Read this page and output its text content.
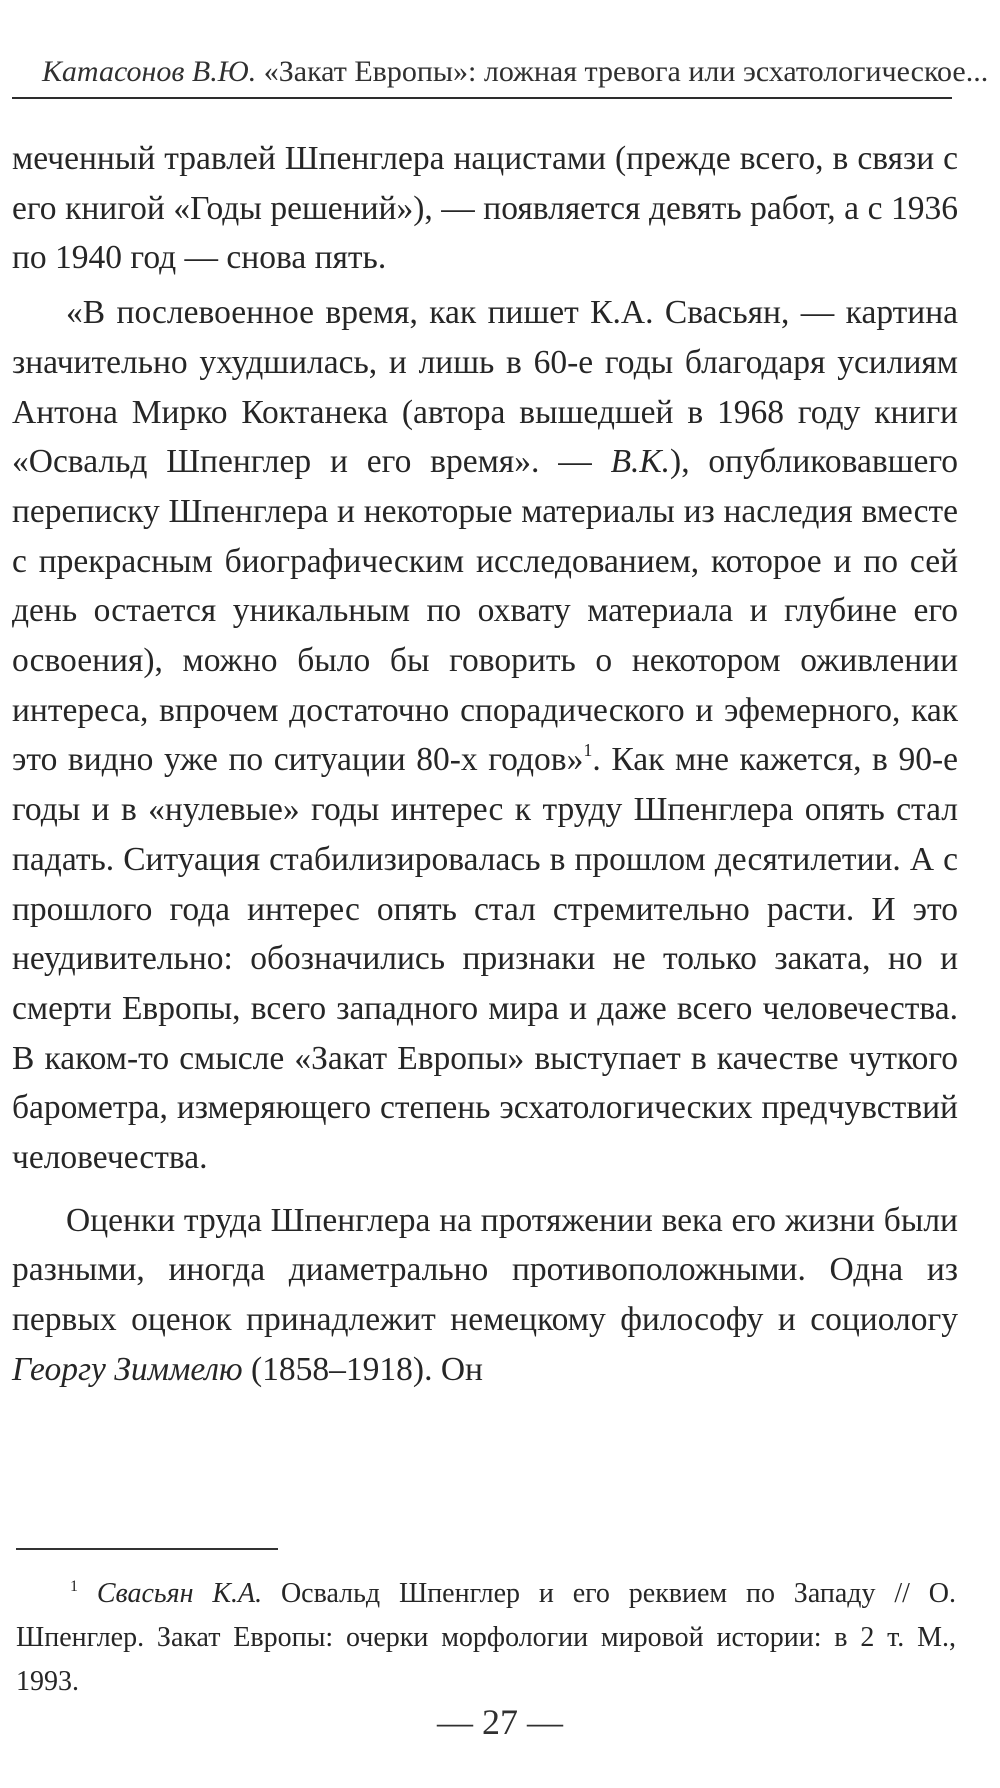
Катасонов В.Ю. «Закат Европы»: ложная тревога или эсхатологическое...

меченный травлей Шпенглера нацистами (прежде всего, в связи с его книгой «Годы решений»), — появляется девять работ, а с 1936 по 1940 год — снова пять.

«В послевоенное время, как пишет К.А. Свасьян, — картина значительно ухудшилась, и лишь в 60-е годы благодаря усилиям Антона Мирко Коктанека (автора вышедшей в 1968 году книги «Освальд Шпенглер и его время». — В.К.), опубликовавшего переписку Шпенглера и некоторые материалы из наследия вместе с прекрасным биографическим исследованием, которое и по сей день остается уникальным по охвату материала и глубине его освоения), можно было бы говорить о некотором оживлении интереса, впрочем достаточно спорадического и эфемерного, как это видно уже по ситуации 80-х годов»$^1$. Как мне кажется, в 90-е годы и в «нулевые» годы интерес к труду Шпенглера опять стал падать. Ситуация стабилизировалась в прошлом десятилетии. А с прошлого года интерес опять стал стремительно расти. И это неудивительно: обозначились признаки не только заката, но и смерти Европы, всего западного мира и даже всего человечества. В каком-то смысле «Закат Европы» выступает в качестве чуткого барометра, измеряющего степень эсхатологических предчувствий человечества.

Оценки труда Шпенглера на протяжении века его жизни были разными, иногда диаметрально противоположными. Одна из первых оценок принадлежит немецкому философу и социологу Георгу Зиммелю (1858–1918). Он

$^1$ Свасьян К.А. Освальд Шпенглер и его реквием по Западу // О. Шпенглер. Закат Европы: очерки морфологии мировой истории: в 2 т. М., 1993.
— 27 —
